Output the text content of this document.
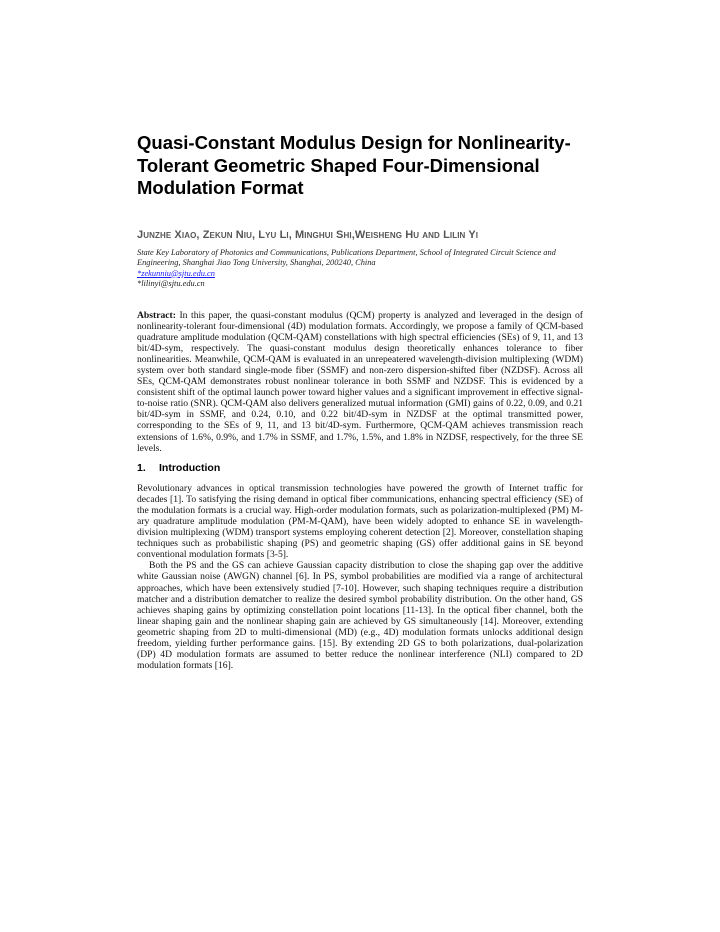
Quasi-Constant Modulus Design for Nonlinearity-Tolerant Geometric Shaped Four-Dimensional Modulation Format

Junzhe Xiao, Zekun Niu, Lyu Li, Minghui Shi,Weisheng Hu and Lilin Yi

State Key Laboratory of Photonics and Communications, Publications Department, School of Integrated Circuit Science and Engineering, Shanghai Jiao Tong University, Shanghai, 200240, China

*zekunniu@sjtu.edu.cn

*lilinyi@sjtu.edu.cn

Abstract: In this paper, the quasi-constant modulus (QCM) property is analyzed and leveraged in the design of nonlinearity-tolerant four-dimensional (4D) modulation formats. Accordingly, we propose a family of QCM-based quadrature amplitude modulation (QCM-QAM) constellations with high spectral efficiencies (SEs) of 9, 11, and 13 bit/4D-sym, respectively. The quasi-constant modulus design theoretically enhances tolerance to fiber nonlinearities. Meanwhile, QCM-QAM is evaluated in an unrepeatered wavelength-division multiplexing (WDM) system over both standard single-mode fiber (SSMF) and non-zero dispersion-shifted fiber (NZDSF). Across all SEs, QCM-QAM demonstrates robust nonlinear tolerance in both SSMF and NZDSF. This is evidenced by a consistent shift of the optimal launch power toward higher values and a significant improvement in effective signal-to-noise ratio (SNR). QCM-QAM also delivers generalized mutual information (GMI) gains of 0.22, 0.09, and 0.21 bit/4D-sym in SSMF, and 0.24, 0.10, and 0.22 bit/4D-sym in NZDSF at the optimal transmitted power, corresponding to the SEs of 9, 11, and 13 bit/4D-sym. Furthermore, QCM-QAM achieves transmission reach extensions of 1.6%, 0.9%, and 1.7% in SSMF, and 1.7%, 1.5%, and 1.8% in NZDSF, respectively, for the three SE levels.

1. Introduction

Revolutionary advances in optical transmission technologies have powered the growth of Internet traffic for decades [1]. To satisfying the rising demand in optical fiber communications, enhancing spectral efficiency (SE) of the modulation formats is a crucial way. High-order modulation formats, such as polarization-multiplexed (PM) M-ary quadrature amplitude modulation (PM-M-QAM), have been widely adopted to enhance SE in wavelength-division multiplexing (WDM) transport systems employing coherent detection [2]. Moreover, constellation shaping techniques such as probabilistic shaping (PS) and geometric shaping (GS) offer additional gains in SE beyond conventional modulation formats [3-5].

Both the PS and the GS can achieve Gaussian capacity distribution to close the shaping gap over the additive white Gaussian noise (AWGN) channel [6]. In PS, symbol probabilities are modified via a range of architectural approaches, which have been extensively studied [7-10]. However, such shaping techniques require a distribution matcher and a distribution dematcher to realize the desired symbol probability distribution. On the other hand, GS achieves shaping gains by optimizing constellation point locations [11-13]. In the optical fiber channel, both the linear shaping gain and the nonlinear shaping gain are achieved by GS simultaneously [14]. Moreover, extending geometric shaping from 2D to multi-dimensional (MD) (e.g., 4D) modulation formats unlocks additional design freedom, yielding further performance gains. [15]. By extending 2D GS to both polarizations, dual-polarization (DP) 4D modulation formats are assumed to better reduce the nonlinear interference (NLI) compared to 2D modulation formats [16].
